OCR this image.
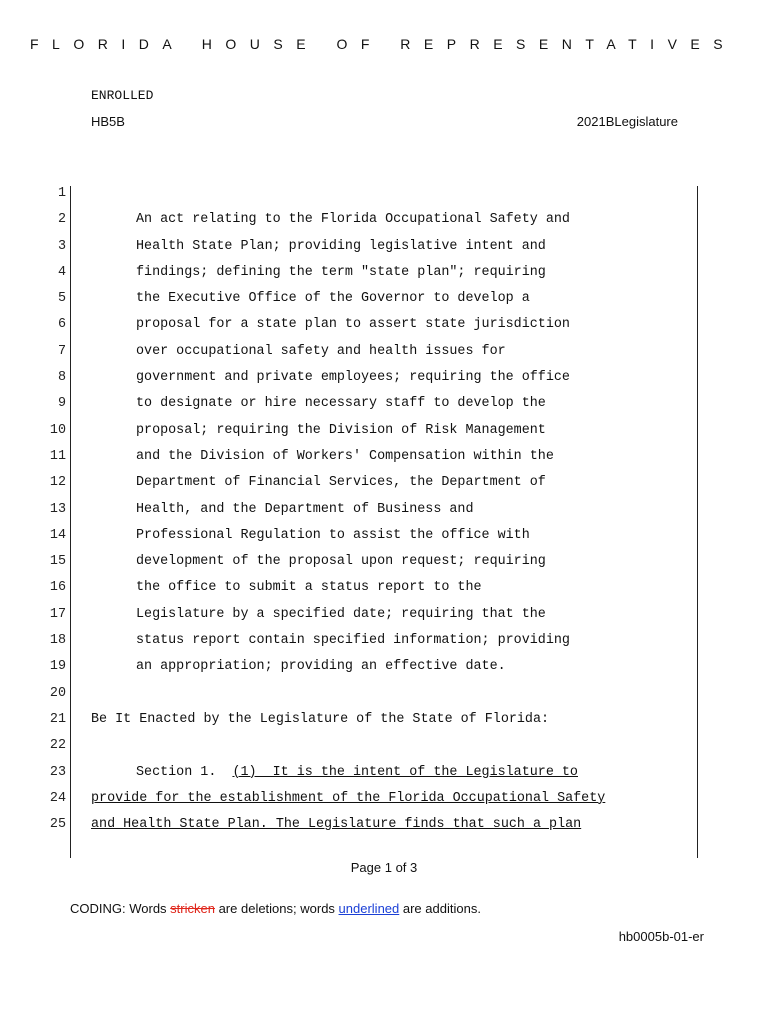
FLORIDA HOUSE OF REPRESENTATIVES
ENROLLED
HB5B	2021BLegislature
1
2	An act relating to the Florida Occupational Safety and
3	Health State Plan; providing legislative intent and
4	findings; defining the term "state plan"; requiring
5	the Executive Office of the Governor to develop a
6	proposal for a state plan to assert state jurisdiction
7	over occupational safety and health issues for
8	government and private employees; requiring the office
9	to designate or hire necessary staff to develop the
10	proposal; requiring the Division of Risk Management
11	and the Division of Workers' Compensation within the
12	Department of Financial Services, the Department of
13	Health, and the Department of Business and
14	Professional Regulation to assist the office with
15	development of the proposal upon request; requiring
16	the office to submit a status report to the
17	Legislature by a specified date; requiring that the
18	status report contain specified information; providing
19	an appropriation; providing an effective date.
20
21 Be It Enacted by the Legislature of the State of Florida:
22
23	Section 1.  (1)  It is the intent of the Legislature to
24 provide for the establishment of the Florida Occupational Safety
25 and Health State Plan. The Legislature finds that such a plan
Page 1 of 3
CODING: Words stricken are deletions; words underlined are additions.
hb0005b-01-er
